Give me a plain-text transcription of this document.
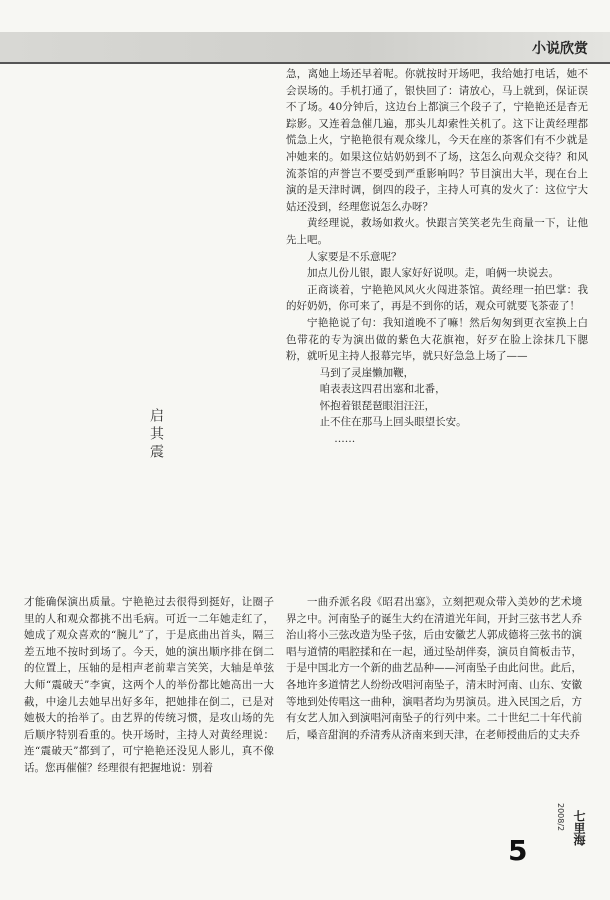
小说欣赏
启其震

急，离她上场还早着呢。你就按时开场吧，我给她打电话，她不会误场的。手机打通了，银快回了：请放心，马上就到，保证误不了场。40分钟后，这边台上都演三个段子了，宁艳艳还是杳无踪影。又连着急催几遍，那头儿却索性关机了。这下让黄经理都慌急上火，宁艳艳很有观众缘儿，今天在座的茶客们有不少就是冲她来的。如果这位姑奶奶到不了场，这怎么向观众交待？和风流茶馆的声誉岂不要受到严重影响吗？节目演出大半，现在台上演的是天津时调，倒四的段子，主持人可真的发火了：这位宁大姑还没到，经理您说怎么办呀？

黄经理说，救场如救火。快跟言笑笑老先生商量一下，让他先上吧。

人家要是不乐意呢？

加点儿份儿银，跟人家好好说呗。走，咱俩一块说去。

正商谈着，宁艳艳风风火火闯进茶馆。黄经理一拍巴掌：我的好奶奶，你可来了，再是不到你的话，观众可就要飞茶壶了！

宁艳艳说了句：我知道晚不了嘛！然后匆匆到更衣室换上白色带花的专为演出做的紫色大花旗袍，好歹在脸上涂抹几下腮粉，就听见主持人报幕完毕，就只好急急上场了——

马到了灵崖懒加鞭，

咱表表这四君出塞和北番，

怀抱着银琵琶眼泪汪汪，

止不住在那马上回头眼望长安。

……

才能确保演出质量。宁艳艳过去很得到挺好，让圈子里的人和观众都挑不出毛病。可近一二年她走红了，她成了观众喜欢的“腕儿”了，于是底曲出首头，隔三差五地不按时到场了。今天，她的演出顺序排在倒二的位置上，压轴的是相声老前辈言笑笑，大轴是单弦大师“震破天”李寅，这两个人的举份都比她高出一大截，中途儿去她早出好多年，把她排在倒二，已是对她极大的抬举了。由艺界的传统习惯，是攻山场的先后顺序特别看重的。快开场时，主持人对黄经理说：连“震破天”都到了，可宁艳艳还没见人影儿，真不像话。您再催催？经理很有把握地说：别着

一曲乔派名段《昭君出塞》，立刻把观众带入美妙的艺术境界之中。河南坠子的诞生大约在清道光年间，开封三弦书艺人乔治山将小三弦改造为坠子弦，后由安徽艺人郭成德将三弦书的演唱与道情的唱腔揉和在一起，通过坠胡伴奏，演员自简板击节，于是中国北方一个新的曲艺品种——河南坠子由此问世。此后，各地许多道情艺人纷纷改唱河南坠子，清末时河南、山东、安徽等地到处传唱这一曲种，演唱者均为男演员。进入民国之后，方有女艺人加入到演唱河南坠子的行列中来。二十世纪二十年代前后，嗓音甜润的乔清秀从济南来到天津，在老师授曲后的丈夫乔

2008/2 七里海
5
